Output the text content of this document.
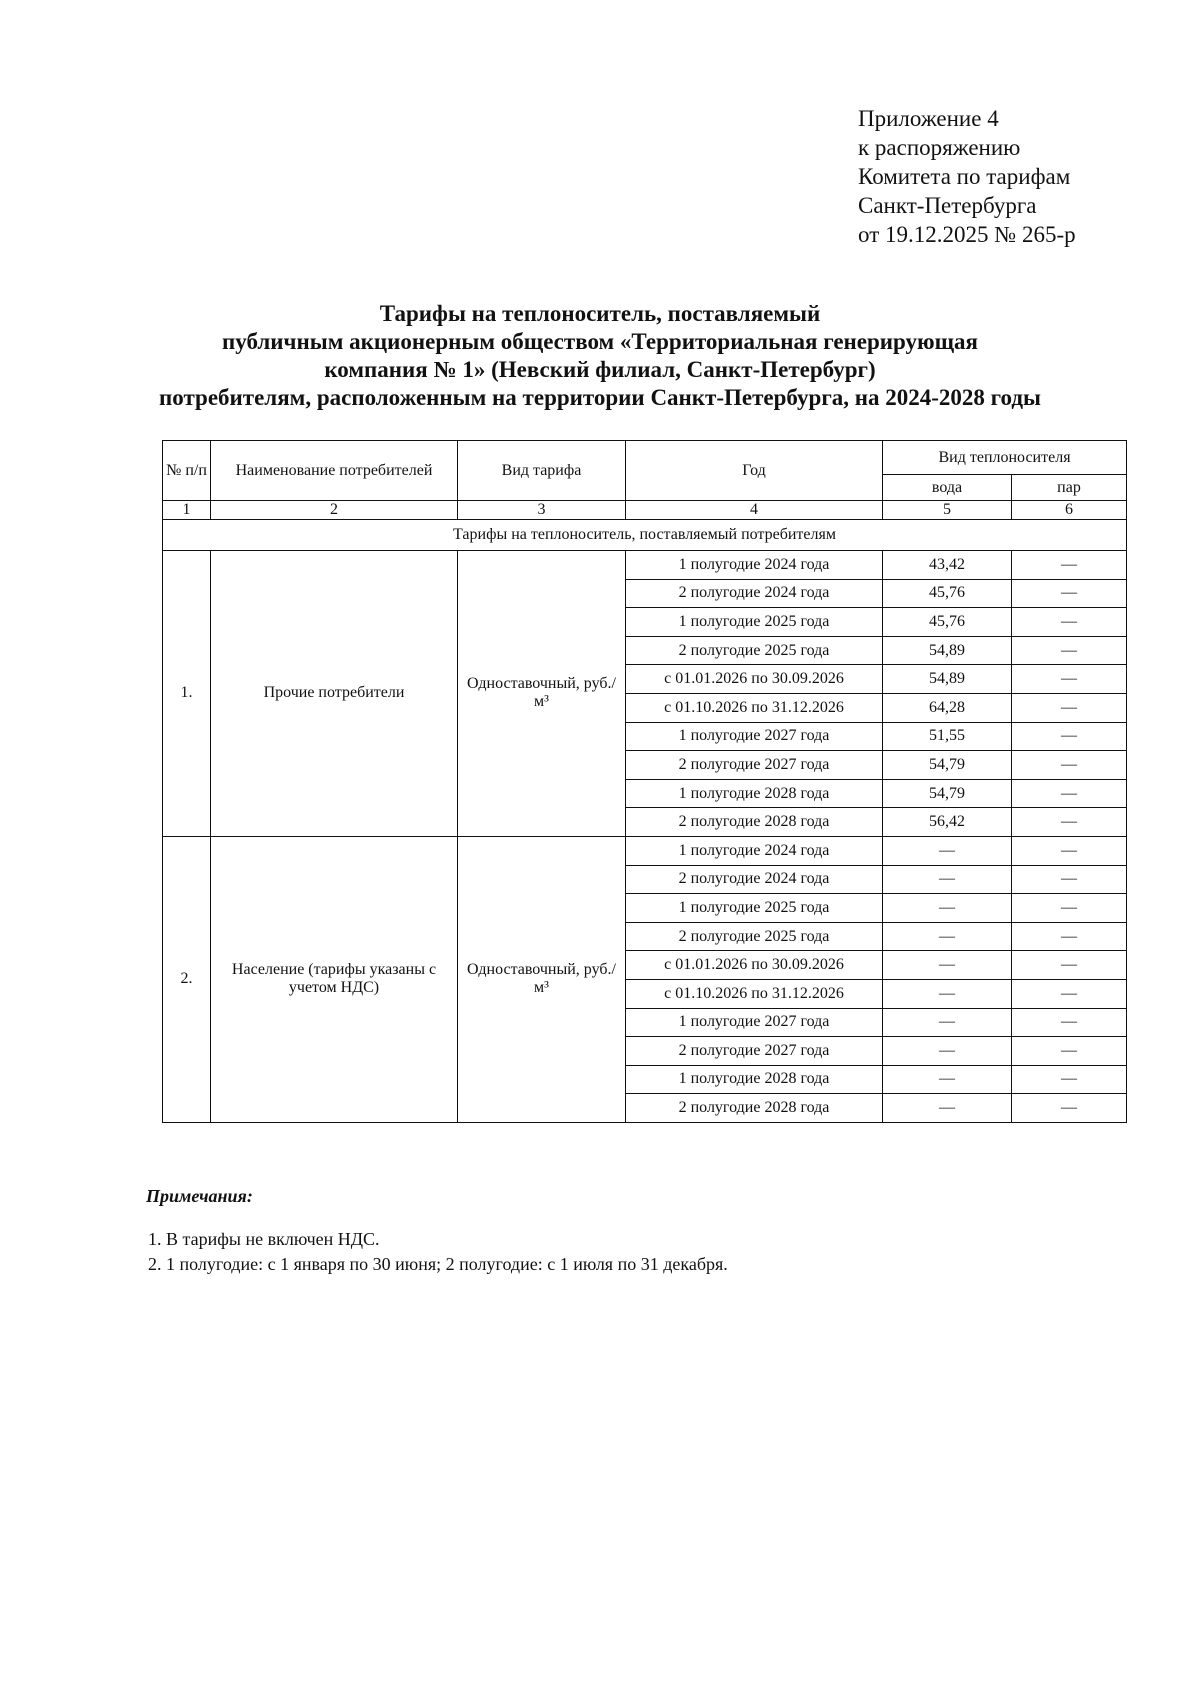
Приложение 4
к распоряжению
Комитета по тарифам
Санкт-Петербурга
от 19.12.2025 № 265-р
Тарифы на теплоноситель, поставляемый
публичным акционерным обществом «Территориальная генерирующая
компания № 1» (Невский филиал, Санкт-Петербург)
потребителям, расположенным на территории Санкт-Петербурга, на 2024-2028 годы
№ п/п	Наименование потребителей	Вид тарифа	Год	Вид теплоносителя	
				вода	пар
1	2	3	4	5	6
Тарифы на теплоноситель, поставляемый потребителям					
1.	Прочие потребители	Одноставочный, руб./м³	1 полугодие 2024 года	43,42	—
			2 полугодие 2024 года	45,76	—
			1 полугодие 2025 года	45,76	—
			2 полугодие 2025 года	54,89	—
			с 01.01.2026 по 30.09.2026	54,89	—
			с 01.10.2026 по 31.12.2026	64,28	—
			1 полугодие 2027 года	51,55	—
			2 полугодие 2027 года	54,79	—
			1 полугодие 2028 года	54,79	—
			2 полугодие 2028 года	56,42	—
2.	Население (тарифы указаны с учетом НДС)	Одноставочный, руб./м³	1 полугодие 2024 года	—	—
			2 полугодие 2024 года	—	—
			1 полугодие 2025 года	—	—
			2 полугодие 2025 года	—	—
			с 01.01.2026 по 30.09.2026	—	—
			с 01.10.2026 по 31.12.2026	—	—
			1 полугодие 2027 года	—	—
			2 полугодие 2027 года	—	—
			1 полугодие 2028 года	—	—
			2 полугодие 2028 года	—	—
Примечания:
1. В тарифы не включен НДС.
2. 1 полугодие: с 1 января по 30 июня; 2 полугодие: с 1 июля по 31 декабря.
